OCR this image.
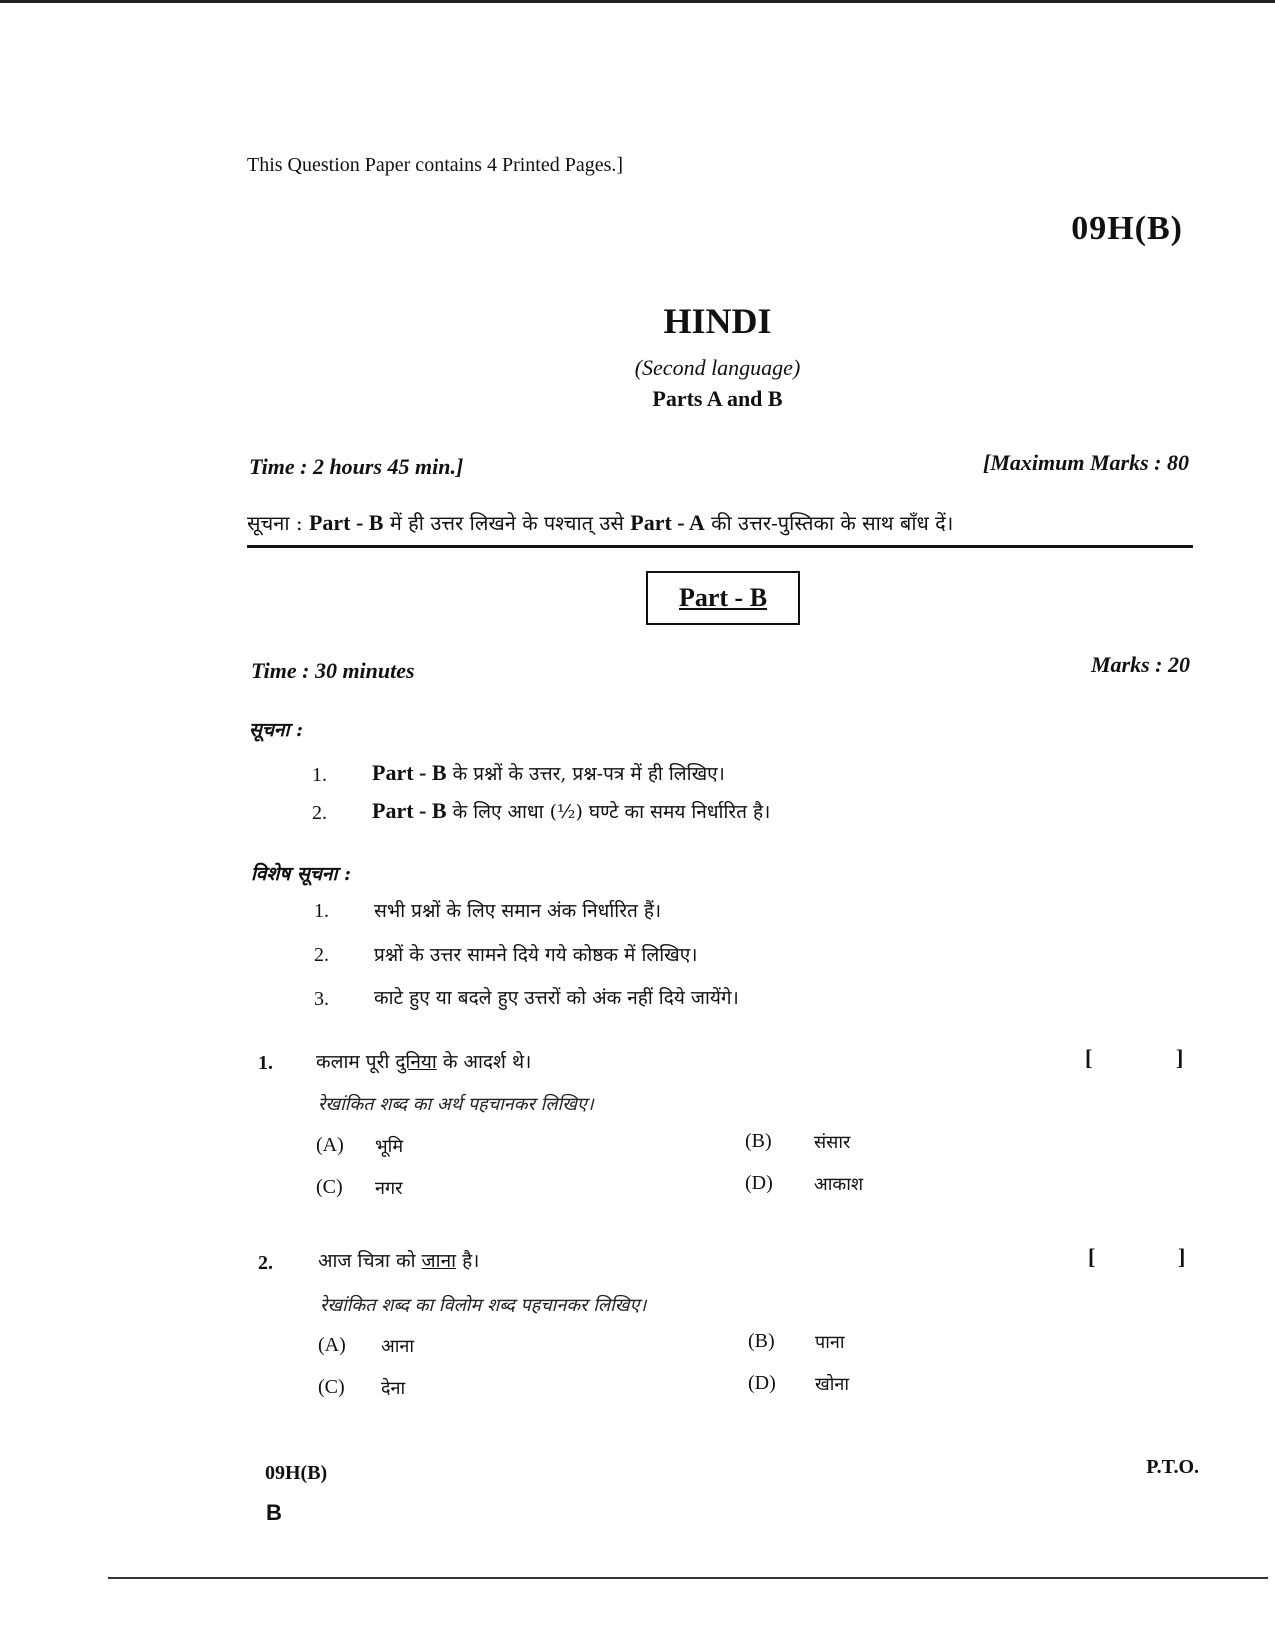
This Question Paper contains 4 Printed Pages.]
09H(B)
HINDI
(Second language)
Parts A and B
Time : 2 hours 45 min.]	[Maximum Marks : 80
सूचना : Part - B में ही उत्तर लिखने के पश्चात् उसे Part - A की उत्तर-पुस्तिका के साथ बाँध दें।
Part - B
Time : 30 minutes	Marks : 20
सूचना :
1. Part - B के प्रश्नों के उत्तर, प्रश्न-पत्र में ही लिखिए।
2. Part - B के लिए आधा (½) घण्टे का समय निर्धारित है।
विशेष सूचना :
1. सभी प्रश्नों के लिए समान अंक निर्धारित हैं।
2. प्रश्नों के उत्तर सामने दिये गये कोष्ठक में लिखिए।
3. काटे हुए या बदले हुए उत्तरों को अंक नहीं दिये जायेंगे।
1. कलाम पूरी दुनिया के आदर्श थे।	[	]
रेखांकित शब्द का अर्थ पहचानकर लिखिए।
(A) भूमि	(B) संसार
(C) नगर	(D) आकाश
2. आज चित्रा को जाना है।	[	]
रेखांकित शब्द का विलोम शब्द पहचानकर लिखिए।
(A) आना	(B) पाना
(C) देना	(D) खोना
09H(B)	P.T.O.
B
